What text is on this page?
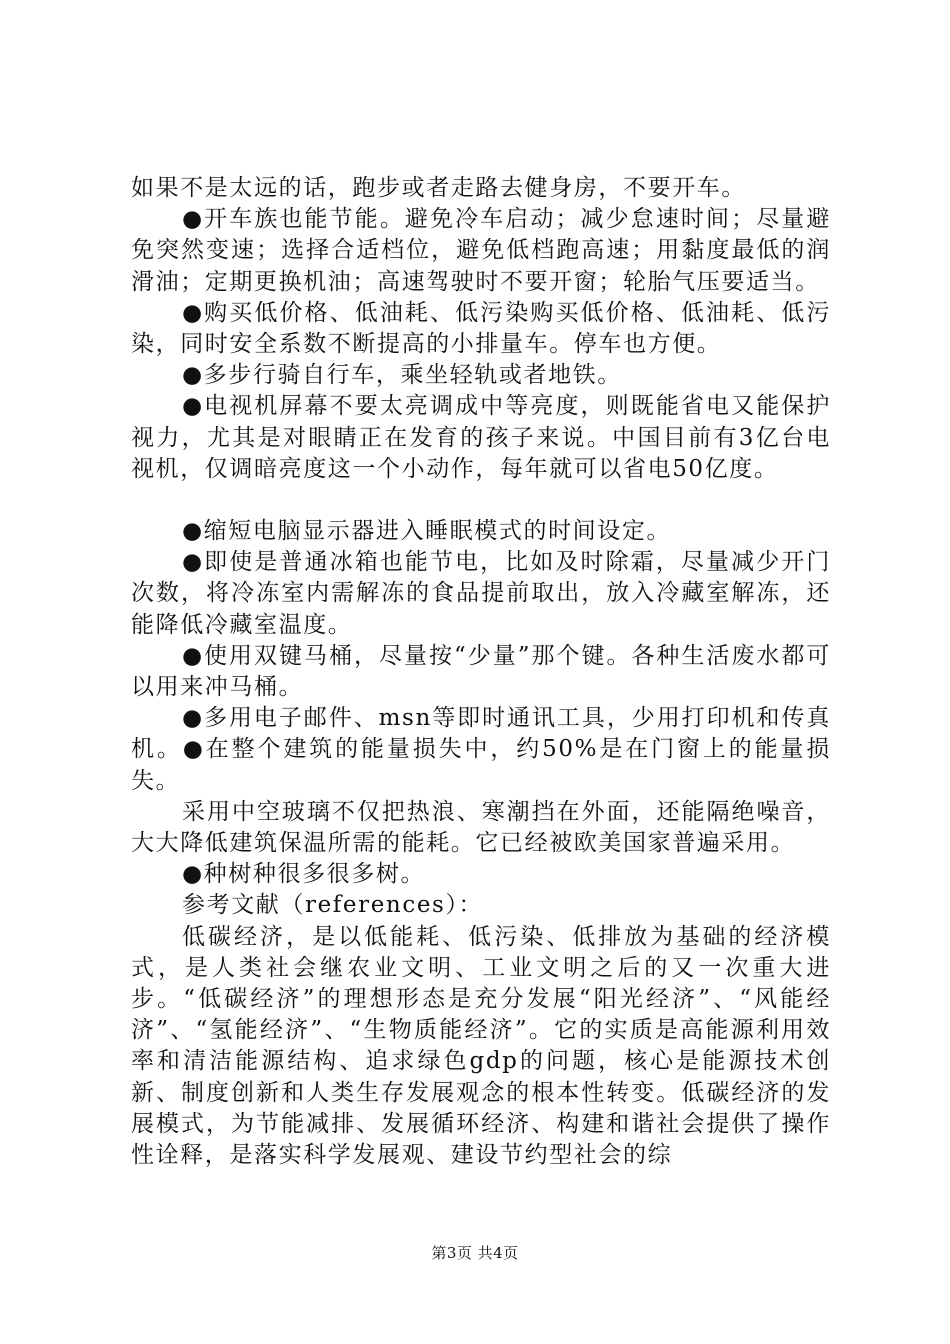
如果不是太远的话，跑步或者走路去健身房，不要开车。

●开车族也能节能。避免冷车启动；减少怠速时间；尽量避免突然变速；选择合适档位，避免低档跑高速；用黏度最低的润滑油；定期更换机油；高速驾驶时不要开窗；轮胎气压要适当。

●购买低价格、低油耗、低污染购买低价格、低油耗、低污染，同时安全系数不断提高的小排量车。停车也方便。

●多步行骑自行车，乘坐轻轨或者地铁。

●电视机屏幕不要太亮调成中等亮度，则既能省电又能保护视力，尤其是对眼睛正在发育的孩子来说。中国目前有3亿台电视机，仅调暗亮度这一个小动作，每年就可以省电50亿度。

●缩短电脑显示器进入睡眠模式的时间设定。

●即使是普通冰箱也能节电，比如及时除霜，尽量减少开门次数，将冷冻室内需解冻的食品提前取出，放入冷藏室解冻，还能降低冷藏室温度。

●使用双键马桶，尽量按“少量”那个键。各种生活废水都可以用来冲马桶。

●多用电子邮件、msn等即时通讯工具，少用打印机和传真机。●在整个建筑的能量损失中，约50%是在门窗上的能量损失。

采用中空玻璃不仅把热浪、寒潮挡在外面，还能隔绝噪音，大大降低建筑保温所需的能耗。它已经被欧美国家普遍采用。

●种树种很多很多树。

参考文献（references）：

低碳经济，是以低能耗、低污染、低排放为基础的经济模式，是人类社会继农业文明、工业文明之后的又一次重大进步。“低碳经济”的理想形态是充分发展“阳光经济”、“风能经济”、“氢能经济”、“生物质能经济”。它的实质是高能源利用效率和清洁能源结构、追求绿色gdp的问题，核心是能源技术创新、制度创新和人类生存发展观念的根本性转变。低碳经济的发展模式，为节能减排、发展循环经济、构建和谐社会提供了操作性诠释，是落实科学发展观、建设节约型社会的综

第3页 共4页
